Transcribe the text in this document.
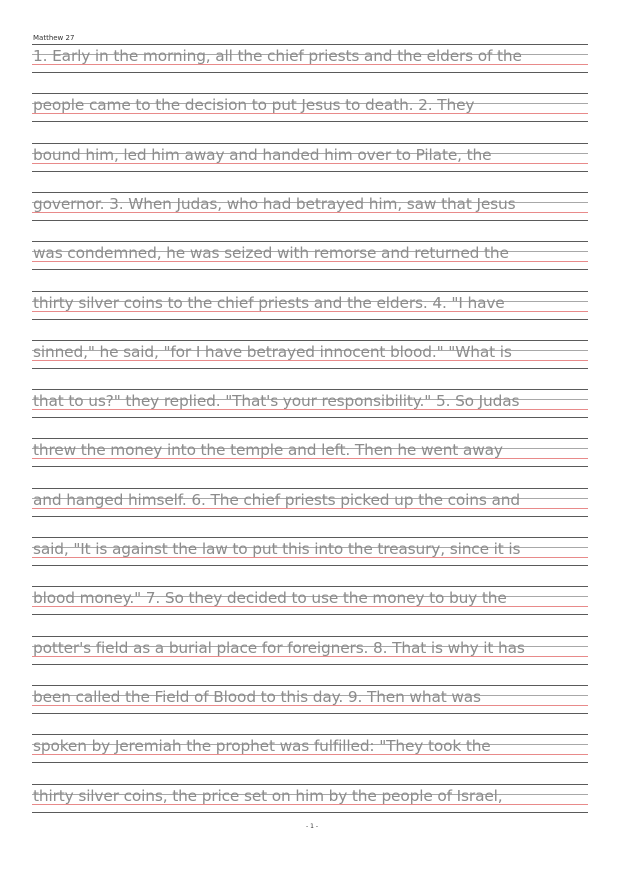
Matthew 27
1. Early in the morning, all the chief priests and the elders of the
people came to the decision to put Jesus to death. 2. They
bound him, led him away and handed him over to Pilate, the
governor. 3. When Judas, who had betrayed him, saw that Jesus
was condemned, he was seized with remorse and returned the
thirty silver coins to the chief priests and the elders. 4. "I have
sinned," he said, "for I have betrayed innocent blood." "What is
that to us?" they replied. "That's your responsibility." 5. So Judas
threw the money into the temple and left. Then he went away
and hanged himself. 6. The chief priests picked up the coins and
said, "It is against the law to put this into the treasury, since it is
blood money." 7. So they decided to use the money to buy the
potter's field as a burial place for foreigners. 8. That is why it has
been called the Field of Blood to this day. 9. Then what was
spoken by Jeremiah the prophet was fulfilled: "They took the
thirty silver coins, the price set on him by the people of Israel,
- 1 -
